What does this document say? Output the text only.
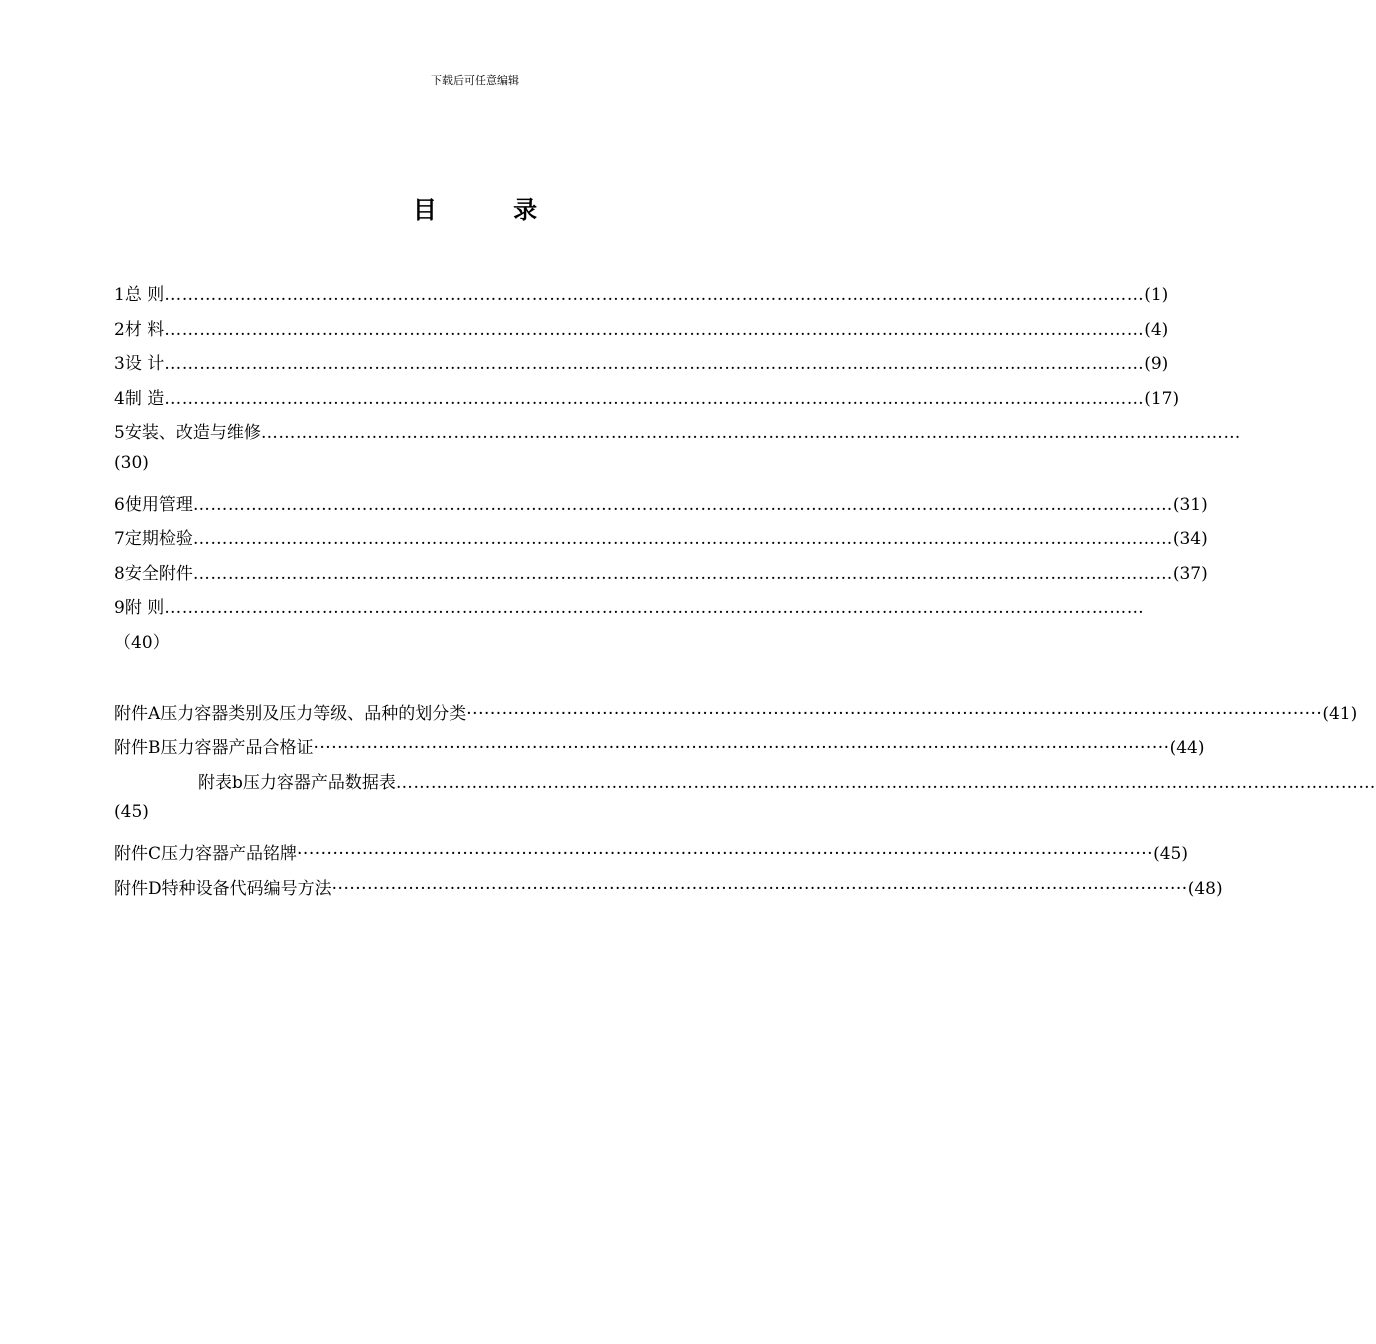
下载后可任意编辑
目 录
1 总 则 …………………………………………………………………………………………………………………………………………………… (1)
2 材 料 …………………………………………………………………………………………………………………………………………………… (4)
3 设 计 …………………………………………………………………………………………………………………………………………………… (9)
4 制 造 …………………………………………………………………………………………………………………………………………………… (17)
5 安装、改造与维修 ……………………………………………………………………………………………………………………………………………………
(30)
6 使用管理 …………………………………………………………………………………………………………………………………………………… (31)
7 定期检验 …………………………………………………………………………………………………………………………………………………… (34)
8 安全附件 …………………………………………………………………………………………………………………………………………………… (37)
9 附 则 ……………………………………………………………………………………………………………………………………………………
（40）
附件A 压力容器类别及压力等级、品种的划分类 ················································································································································· (41)
附件B 压力容器产品合格证 ················································································································································· (44)
附表b压力容器产品数据表 ……………………………………………………………………………………………………………………………………………………
(45)
附件C 压力容器产品铭牌 ················································································································································· (45)
附件D 特种设备代码编号方法 ················································································································································· (48)
